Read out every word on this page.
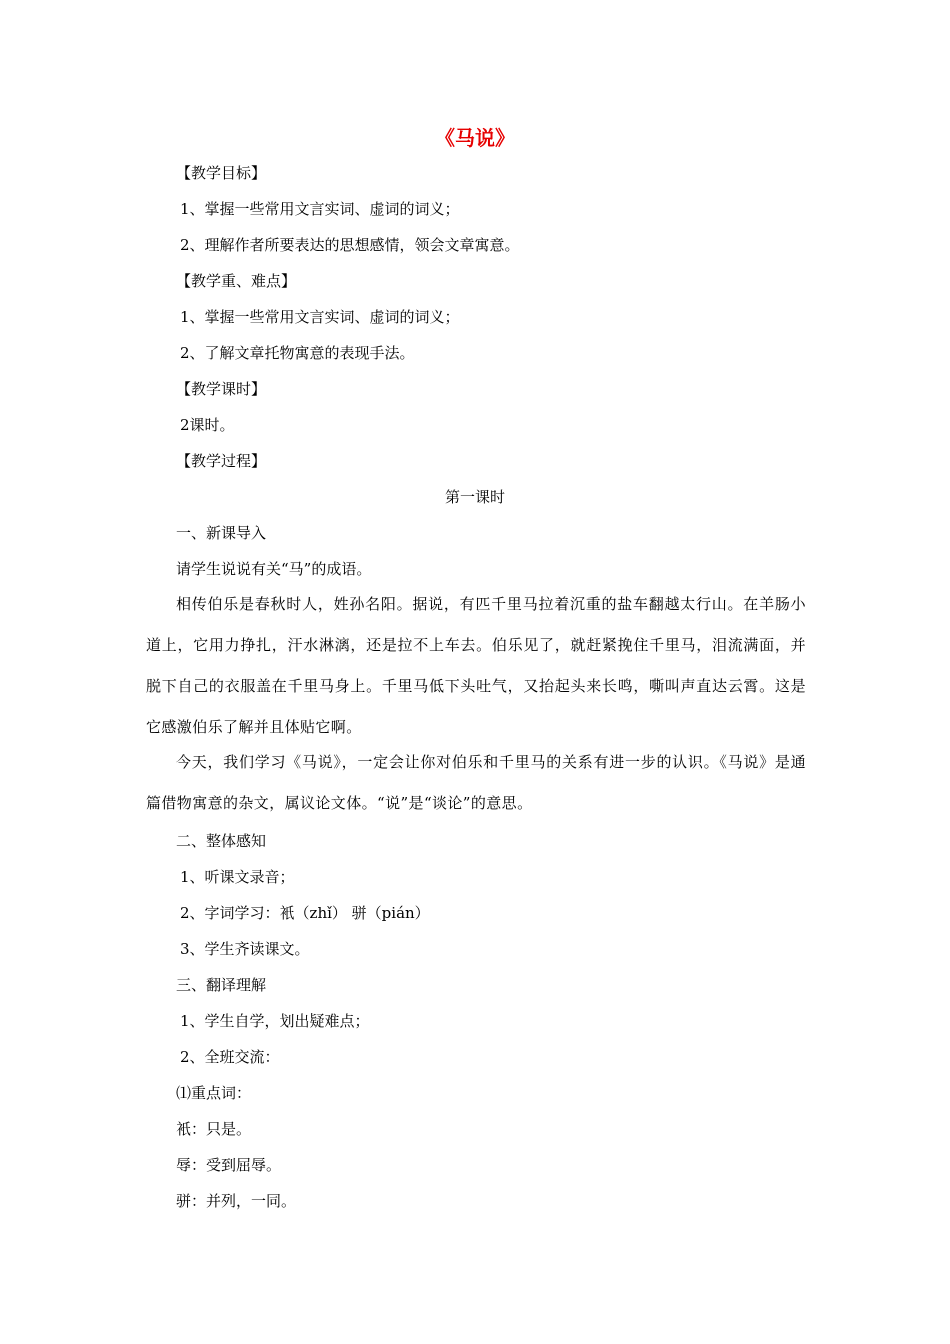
《马说》
【教学目标】
1、掌握一些常用文言实词、虚词的词义；
2、理解作者所要表达的思想感情，领会文章寓意。
【教学重、难点】
1、掌握一些常用文言实词、虚词的词义；
2、了解文章托物寓意的表现手法。
【教学课时】
2课时。
【教学过程】
第一课时
一、新课导入
请学生说说有关“马”的成语。
相传伯乐是春秋时人，姓孙名阳。据说，有匹千里马拉着沉重的盐车翻越太行山。在羊肠小道上，它用力挣扎，汗水淋漓，还是拉不上车去。伯乐见了，就赶紧挽住千里马，泪流满面，并脱下自己的衣服盖在千里马身上。千里马低下头吐气，又抬起头来长鸣，嘶叫声直达云霄。这是它感激伯乐了解并且体贴它啊。
今天，我们学习《马说》，一定会让你对伯乐和千里马的关系有进一步的认识。《马说》是通篇借物寓意的杂文，属议论文体。“说”是“谈论”的意思。
二、整体感知
1、听课文录音；
2、字词学习：衹（zhǐ） 骈（pián）
3、学生齐读课文。
三、翻译理解
1、学生自学，划出疑难点；
2、全班交流：
⑴重点词：
衹：只是。
辱：受到屈辱。
骈：并列，一同。
